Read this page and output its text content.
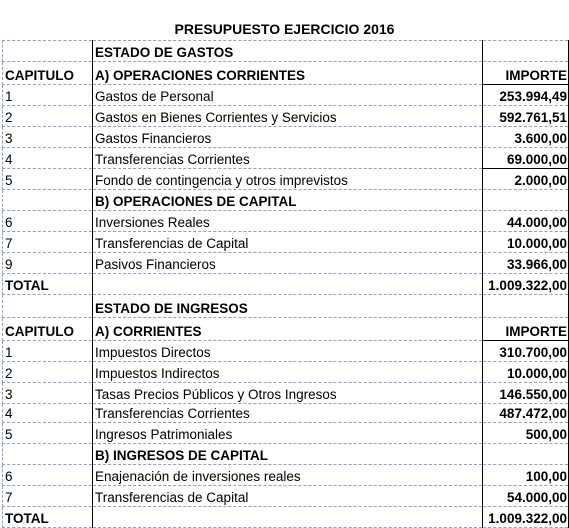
PRESUPUESTO EJERCICIO 2016
	ESTADO DE GASTOS	
CAPITULO	A) OPERACIONES CORRIENTES	IMPORTE
1	Gastos de Personal	253.994,49
2	Gastos en Bienes Corrientes y Servicios	592.761,51
3	Gastos Financieros	3.600,00
4	Transferencias Corrientes	69.000,00
5	Fondo de contingencia y otros imprevistos	2.000,00
	B) OPERACIONES DE CAPITAL	
6	Inversiones Reales	44.000,00
7	Transferencias de Capital	10.000,00
9	Pasivos Financieros	33.966,00
TOTAL		1.009.322,00
	ESTADO DE INGRESOS	
CAPITULO	A) CORRIENTES	IMPORTE
1	Impuestos Directos	310.700,00
2	Impuestos Indirectos	10.000,00
3	Tasas Precios Públicos y Otros Ingresos	146.550,00
4	Transferencias Corrientes	487.472,00
5	Ingresos Patrimoniales	500,00
	B) INGRESOS DE CAPITAL	
6	Enajenación de inversiones reales	100,00
7	Transferencias de Capital	54.000,00
TOTAL		1.009.322,00
